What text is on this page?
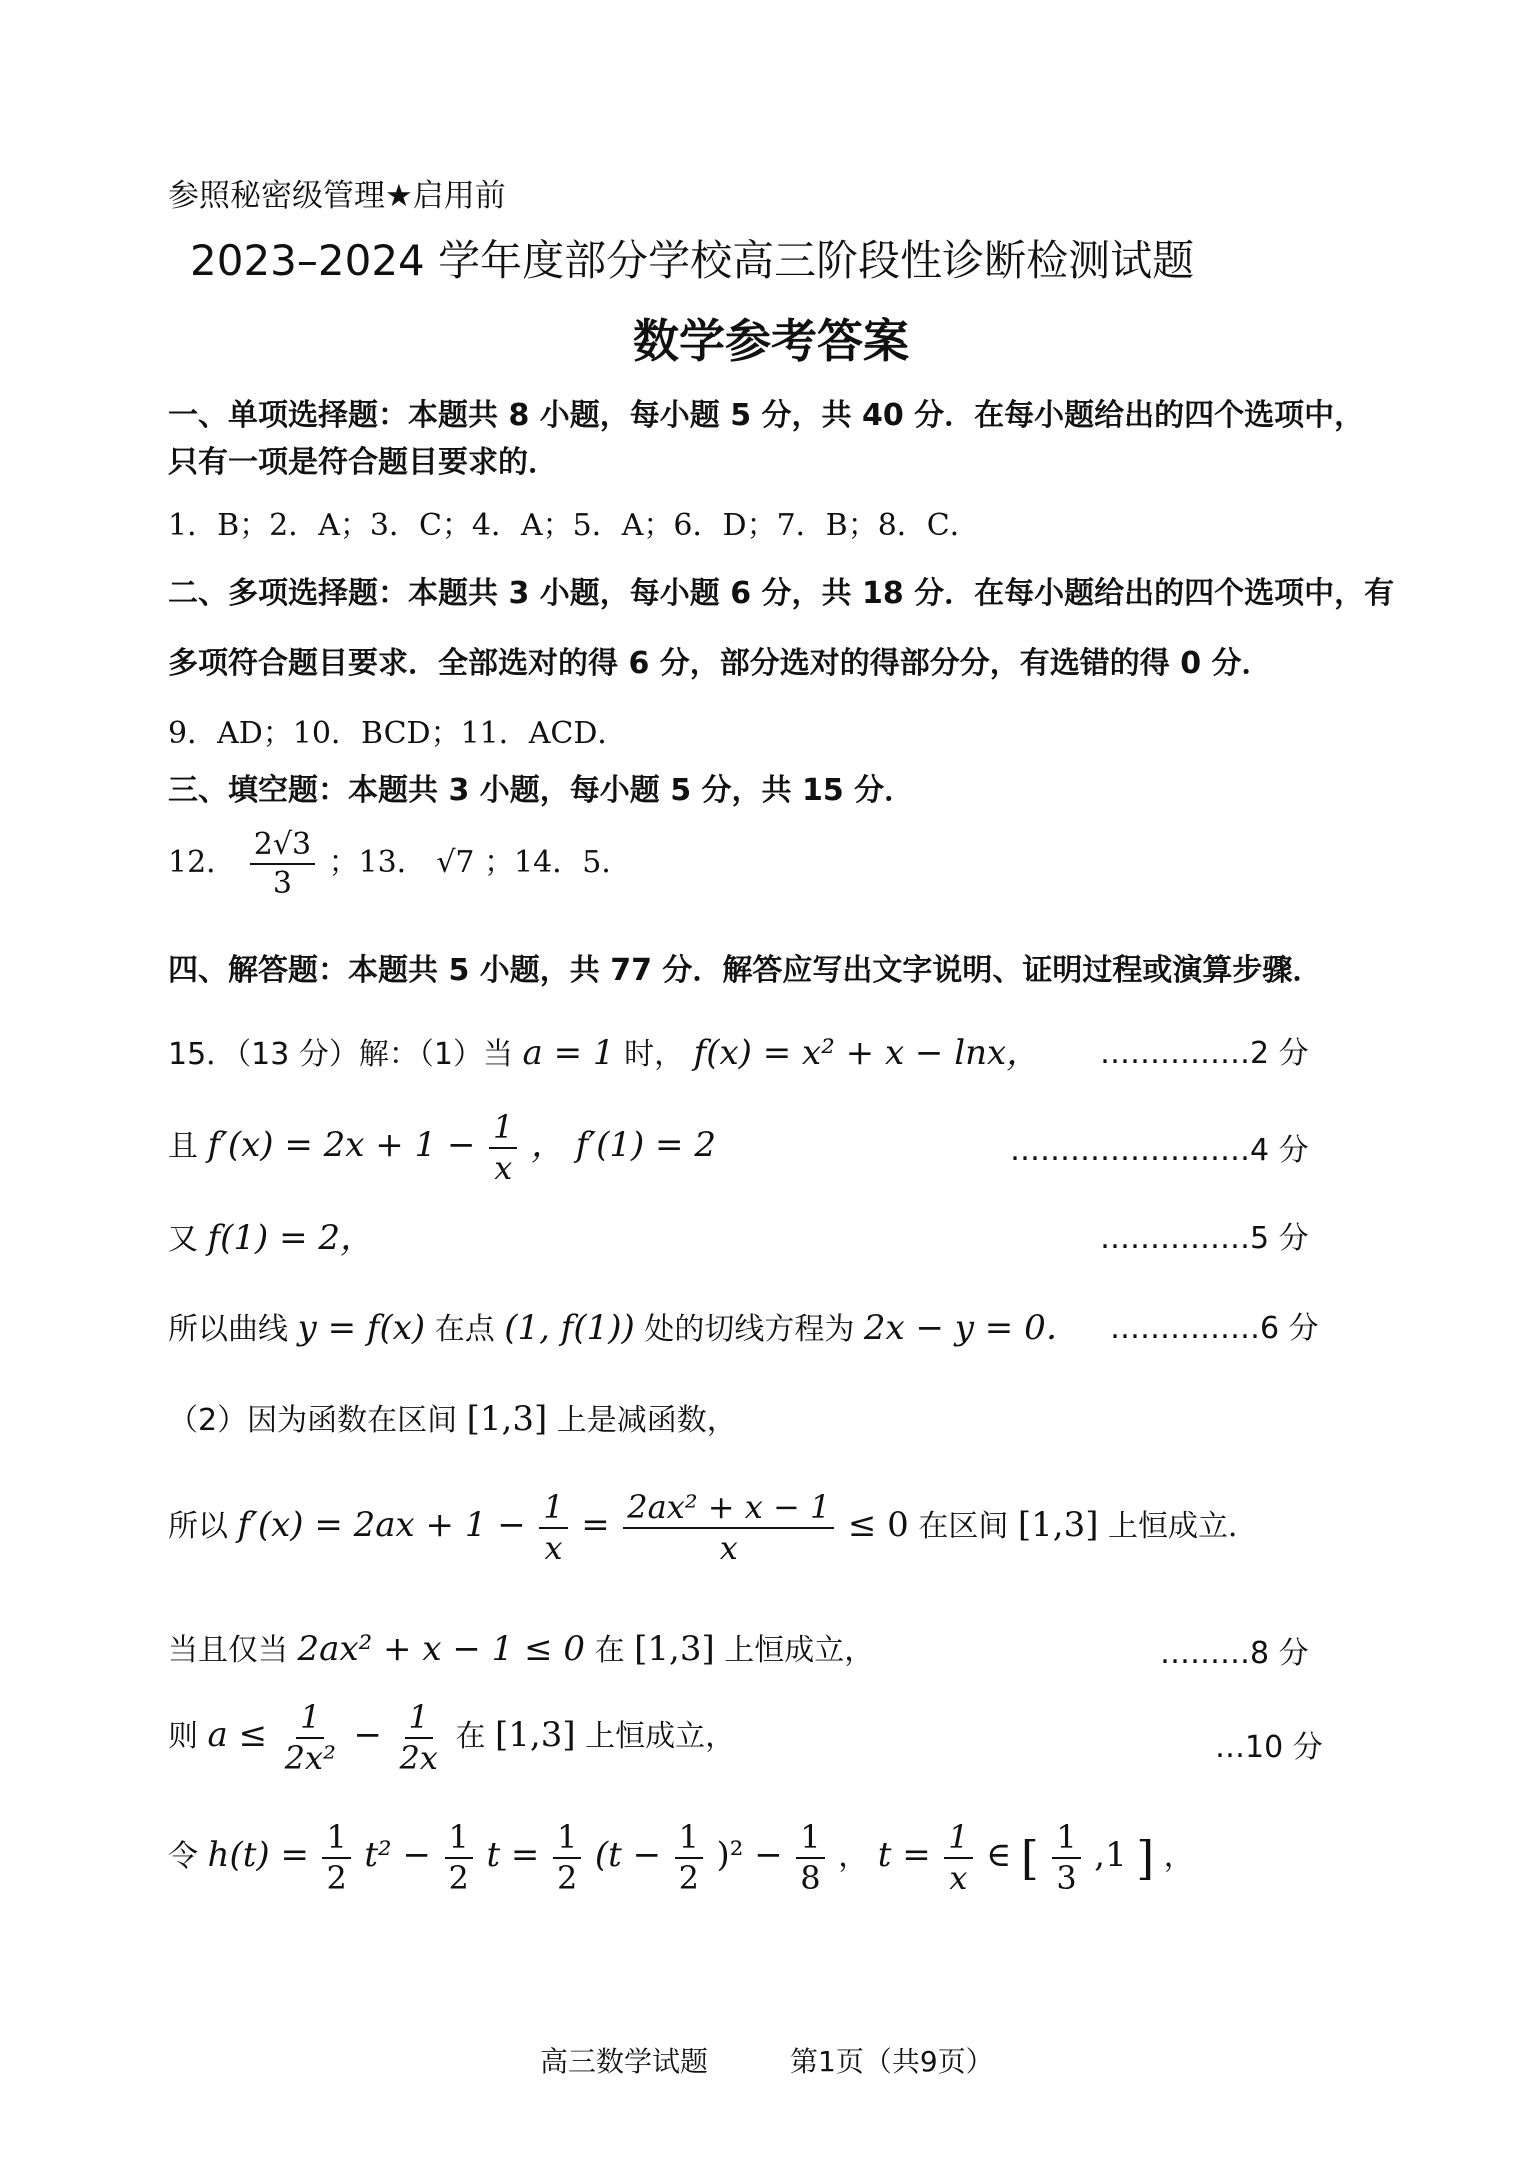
参照秘密级管理★启用前
2023–2024 学年度部分学校高三阶段性诊断检测试题
数学参考答案
一、单项选择题：本题共 8 小题，每小题 5 分，共 40 分．在每小题给出的四个选项中，
只有一项是符合题目要求的．
1．B；2．A；3．C；4．A；5．A；6．D；7．B；8．C．
二、多项选择题：本题共 3 小题，每小题 6 分，共 18 分．在每小题给出的四个选项中，有
多项符合题目要求．全部选对的得 6 分，部分选对的得部分分，有选错的得 0 分．
9．AD；10．BCD；11．ACD．
三、填空题：本题共 3 小题，每小题 5 分，共 15 分．
12． $\frac{2√3}{3}$ ；13． √7 ；14．5．
四、解答题：本题共 5 小题，共 77 分．解答应写出文字说明、证明过程或演算步骤．
15．（13 分）解：（1）当 a = 1 时， f(x) = x² + x − lnx， ……………2 分
且 $f'(x) = 2x + 1 - \frac{1}{x}$ ， f′(1) = 2	……………………4 分
又 f(1) = 2，	……………5 分
所以曲线 y = f(x) 在点 (1, f(1)) 处的切线方程为 2x − y = 0． ……………6 分
（2）因为函数在区间 [1,3] 上是减函数，
所以 $f'(x) = 2ax + 1 - \frac{1}{x} = \frac{\text{2ax² + x − 1}}{x} \le 0$ 在区间 [1,3] 上恒成立．
当且仅当 2ax² + x − 1 ≤ 0 在 [1,3] 上恒成立，	………8 分
则 $a \le \frac{1}{\text{2x²}} - \frac{1}{2x}$ 在 [1,3] 上恒成立，	…10 分
令 $h(t) = \frac{1}{2} t^2 - \frac{1}{2}$ $t = \frac{1}{2} (t - \frac{1}{2} )^2 - \frac{1}{8}$ ， $t = \frac{1}{x}$ ∈ [ $\frac{1}{3} ,1$ ] ，
高三数学试题	第1页（共9页）
